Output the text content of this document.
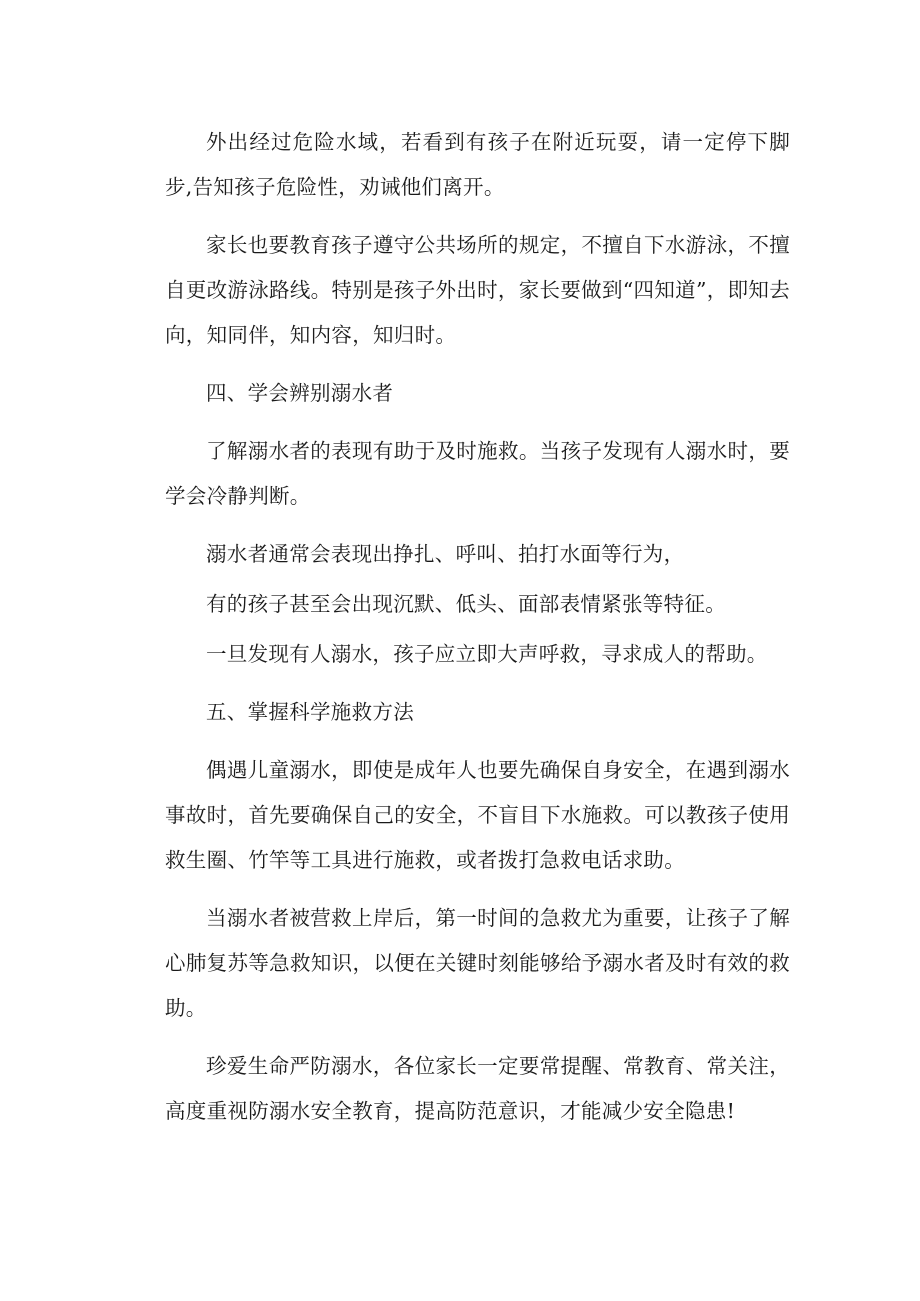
外出经过危险水域，若看到有孩子在附近玩耍，请一定停下脚步,告知孩子危险性，劝诫他们离开。

家长也要教育孩子遵守公共场所的规定，不擅自下水游泳，不擅自更改游泳路线。特别是孩子外出时，家长要做到“四知道”，即知去向，知同伴，知内容，知归时。

四、学会辨别溺水者

了解溺水者的表现有助于及时施救。当孩子发现有人溺水时，要学会冷静判断。

溺水者通常会表现出挣扎、呼叫、拍打水面等行为，

有的孩子甚至会出现沉默、低头、面部表情紧张等特征。

一旦发现有人溺水，孩子应立即大声呼救，寻求成人的帮助。

五、掌握科学施救方法

偶遇儿童溺水，即使是成年人也要先确保自身安全，在遇到溺水事故时，首先要确保自己的安全，不盲目下水施救。可以教孩子使用救生圈、竹竿等工具进行施救，或者拨打急救电话求助。

当溺水者被营救上岸后，第一时间的急救尤为重要，让孩子了解心肺复苏等急救知识，以便在关键时刻能够给予溺水者及时有效的救助。

珍爱生命严防溺水，各位家长一定要常提醒、常教育、常关注，高度重视防溺水安全教育，提高防范意识，才能减少安全隐患!
